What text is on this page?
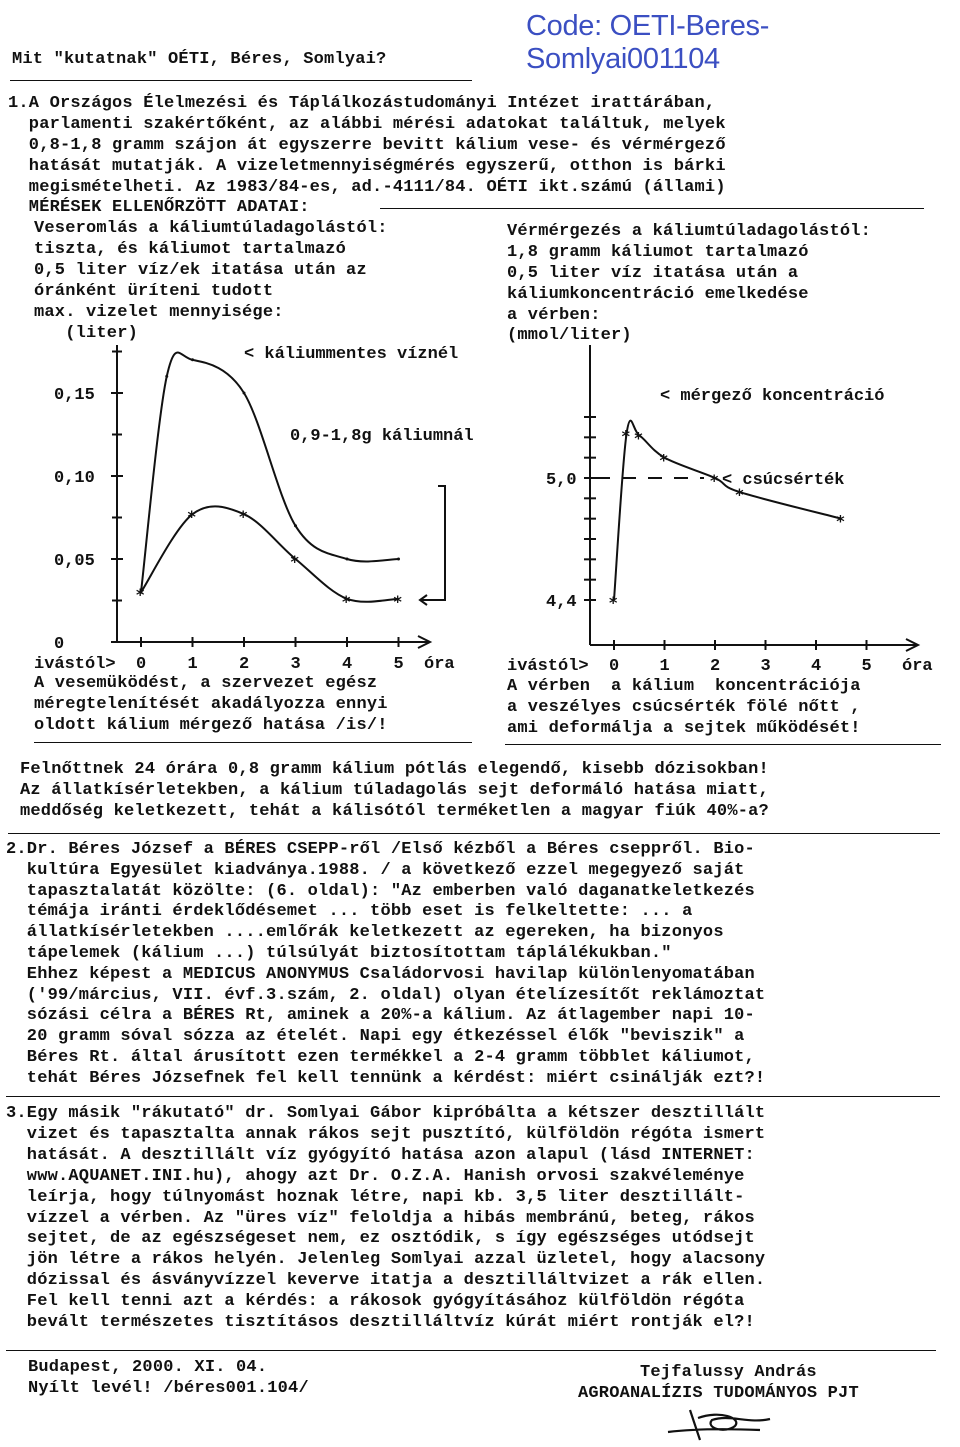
Code: OETI-Beres-Somlyai001104
Mit "kutatnak" OÉTI, Béres, Somlyai?
1.A Országos Élelmezési és Táplálkozástudományi Intézet irattárában,
parlamenti szakértőként, az alábbi mérési adatokat találtuk, melyek
0,8-1,8 gramm szájon át egyszerre bevitt kálium vese- és vérmérgező
hatását mutatják. A vizeletmennyiségmérés egyszerű, otthon is bárki
megismételheti. Az 1983/84-es, ad.-4111/84. OÉTI ikt.számú (állami)
MÉRÉSEK ELLENŐRZÖTT ADATAI:
Veseromlás a káliumtúladagolástól:
tiszta, és káliumot tartalmazó
0,5 liter víz/ek itatása után az
óránként üríteni tudott
max. vizelet mennyisége:
(liter)
Vérmérgezés a káliumtúladagolástól:
1,8 gramm káliumot tartalmazó
0,5 liter víz itatása után a
káliumkoncentráció emelkedése
a vérben:
(mmol/liter)
0
0,05
0,10
0,15
ivástól> 0 1 2 3 4 5 óra
*
*	*
*
*	*
< káliummentes víznél
0,9-1,8g káliumnál
5,0
4,4
ivástól> 0 1 2 3 4 5 óra
*
* *
*
*
*
*
< mérgező koncentráció
< csúcsérték
A vesemüködést, a szervezet egész
méregtelenítését akadályozza ennyi
oldott kálium mérgező hatása /is/!
A vérben  a kálium  koncentrációja
a veszélyes csúcsérték fölé nőtt ,
ami deformálja a sejtek működését!
Felnőttnek 24 órára 0,8 gramm kálium pótlás elegendő, kisebb dózisokban!
Az állatkísérletekben, a kálium túladagolás sejt deformáló hatása miatt,
meddőség keletkezett, tehát a kálisótól terméketlen a magyar fiúk 40%-a?
2.Dr. Béres József a BÉRES CSEPP-ről /Első kézből a Béres cseppről. Bio-
kultúra Egyesület kiadványa.1988. / a következő ezzel megegyező saját
tapasztalatát közölte: (6. oldal): "Az emberben való daganatkeletkezés
témája iránti érdeklődésemet ... több eset is felkeltette: ... a
állatkísérletekben ....emlőrák keletkezett az egereken, ha bizonyos
tápelemek (kálium ...) túlsúlyát biztosítottam táplálékukban."
Ehhez képest a MEDICUS ANONYMUS Családorvosi havilap különlenyomatában
('99/március, VII. évf.3.szám, 2. oldal) olyan ételízesítőt reklámoztat
sózási célra a BÉRES Rt, aminek a 20%-a kálium. Az átlagember napi 10-
20 gramm sóval sózza az ételét. Napi egy étkezéssel élők "beviszik" a
Béres Rt. által árusított ezen termékkel a 2-4 gramm többlet káliumot,
tehát Béres Józsefnek fel kell tennünk a kérdést: miért csinálják ezt?!
3.Egy másik "rákutató" dr. Somlyai Gábor kipróbálta a kétszer desztillált
vizet és tapasztalta annak rákos sejt pusztító, külföldön régóta ismert
hatását. A desztillált víz gyógyító hatása azon alapul (lásd INTERNET:
www.AQUANET.INI.hu), ahogy azt Dr. O.Z.A. Hanish orvosi szakvéleménye
leírja, hogy túlnyomást hoznak létre, napi kb. 3,5 liter desztillált-
vízzel a vérben. Az "üres víz" feloldja a hibás membránú, beteg, rákos
sejtet, de az egészségeset nem, ez osztódik, s így egészséges utódsejt
jön létre a rákos helyén. Jelenleg Somlyai azzal üzletel, hogy alacsony
dózissal és ásványvízzel keverve itatja a desztilláltvizet a rák ellen.
Fel kell tenni azt a kérdés: a rákosok gyógyításához külföldön régóta
bevált természetes tisztításos desztilláltvíz kúrát miért rontják el?!
Budapest, 2000. XI. 04.
Nyílt levél! /béres001.104/
Tejfalussy András
AGROANALÍZIS TUDOMÁNYOS PJT
